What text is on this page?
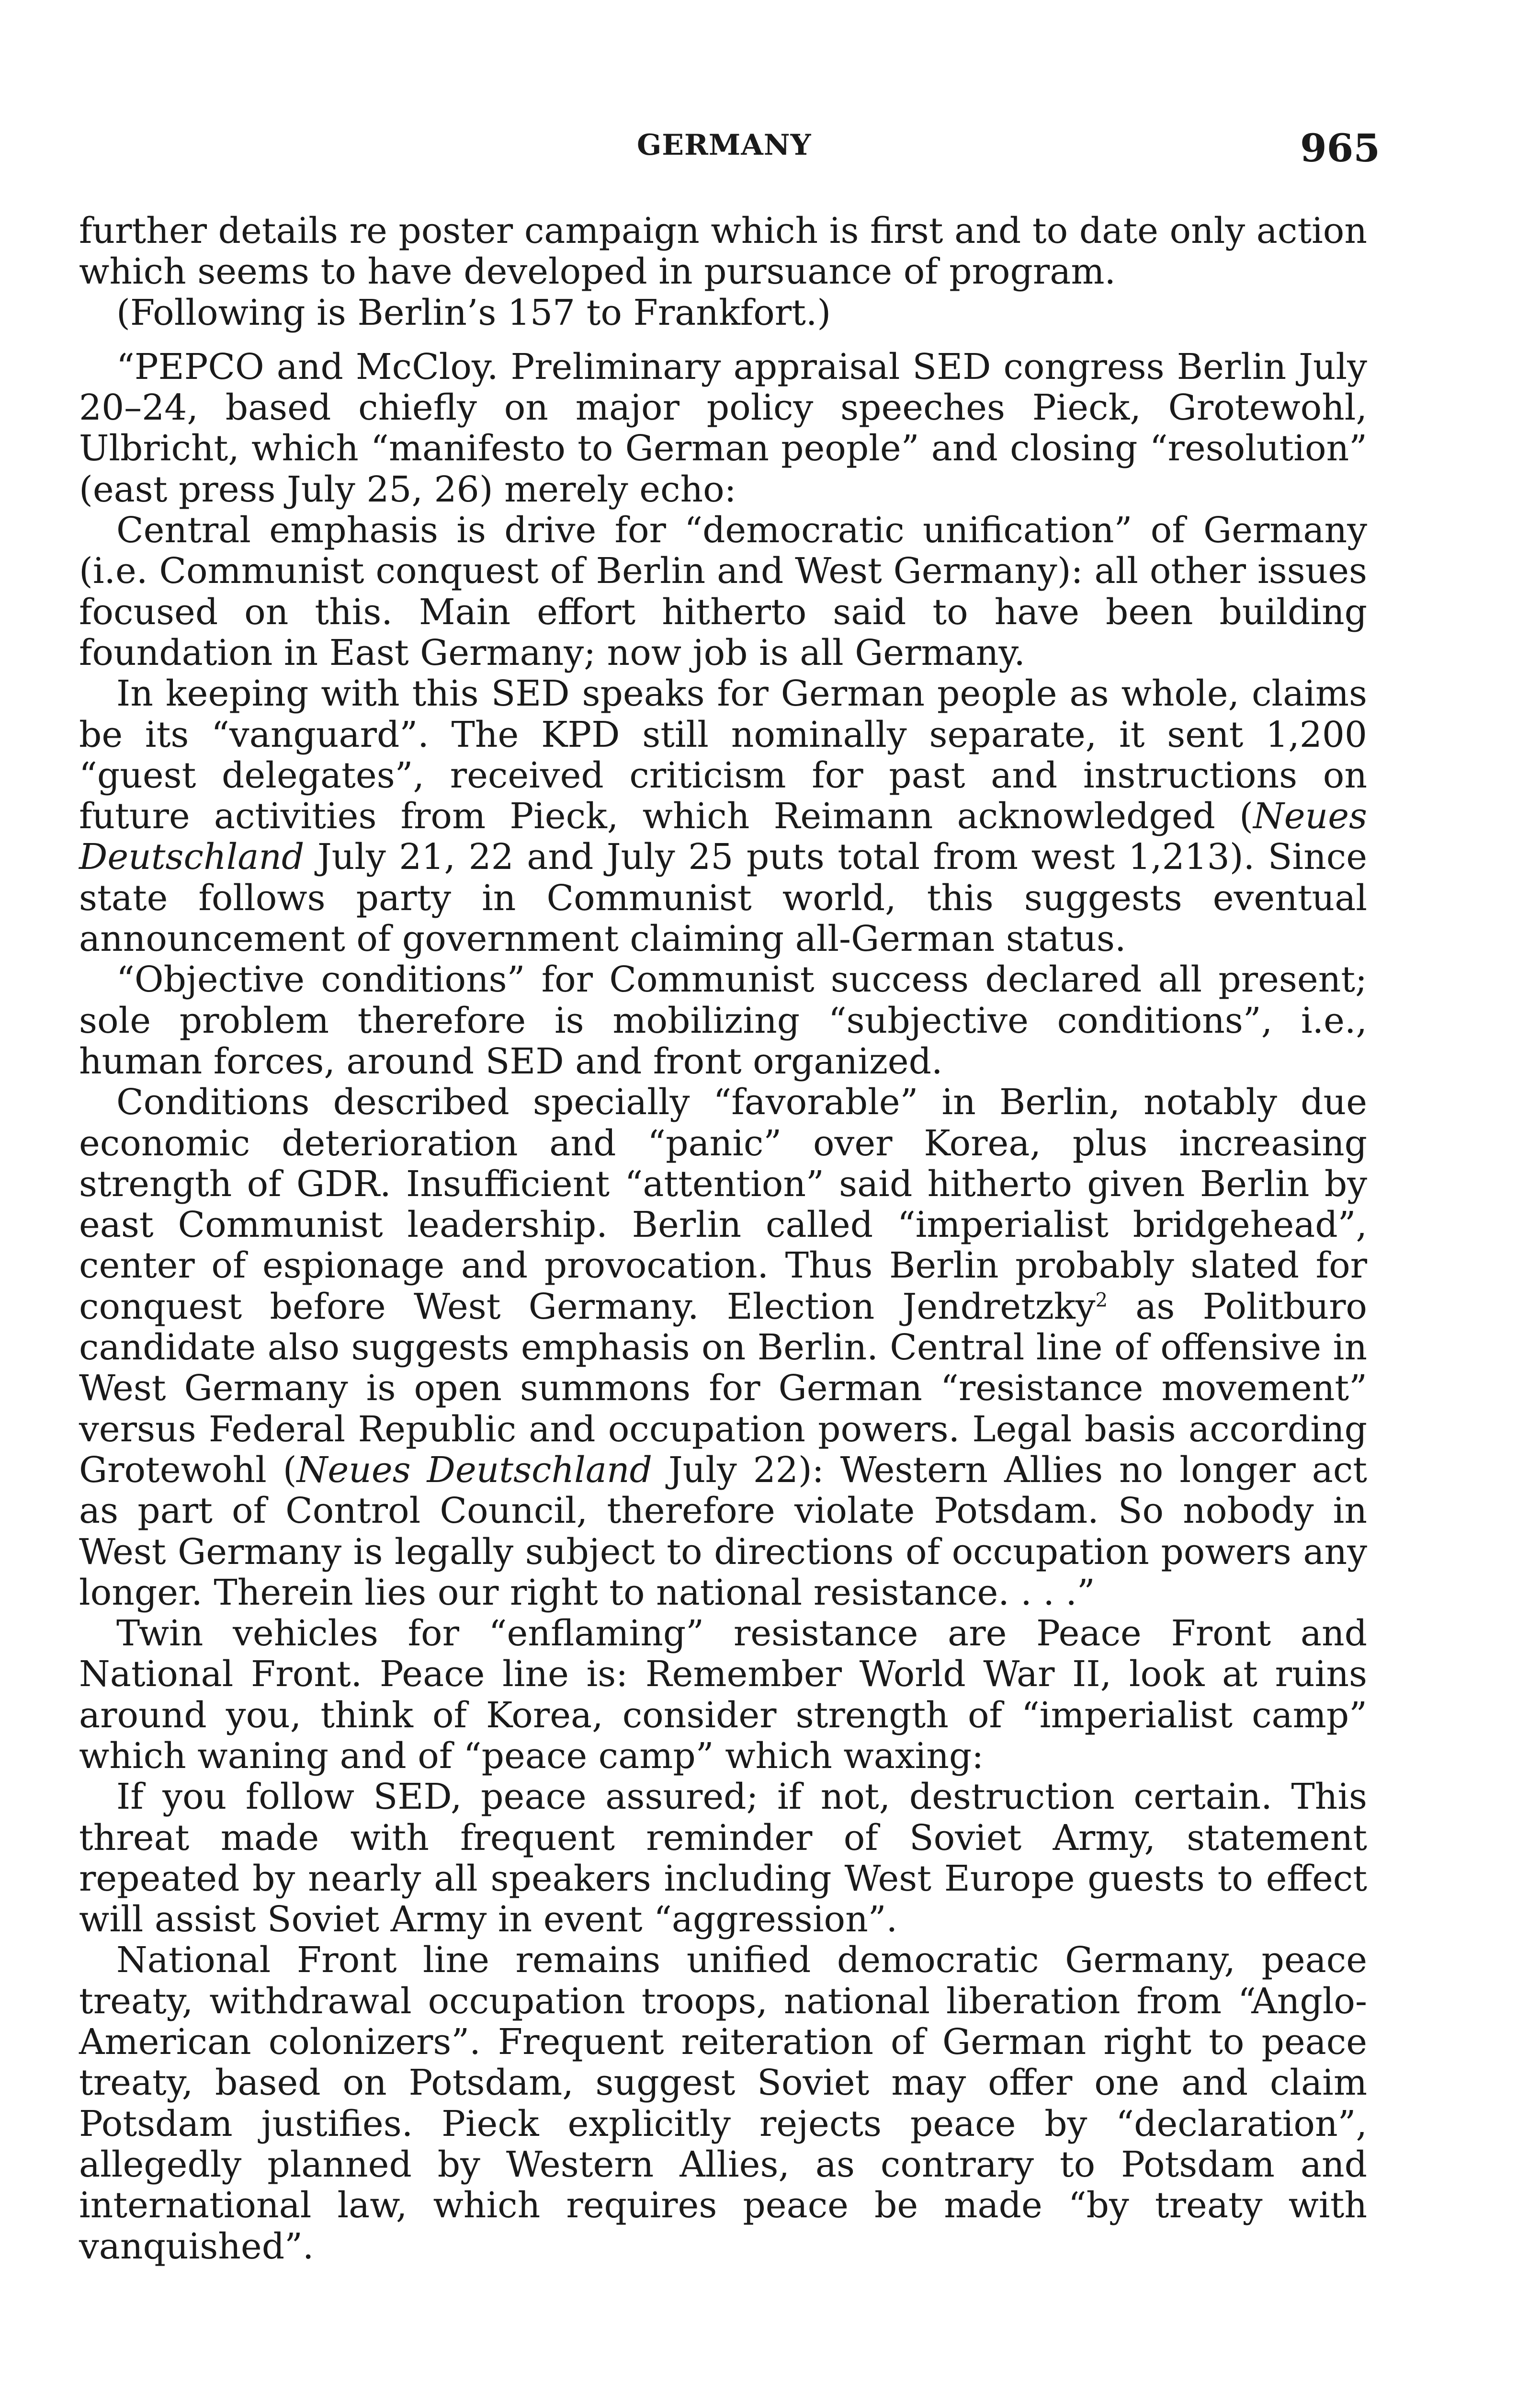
GERMANY	965

further details re poster campaign which is first and to date only action which seems to have developed in pursuance of program.

(Following is Berlin’s 157 to Frankfort.)

“PEPCO and McCloy. Preliminary appraisal SED congress Berlin July 20–24, based chiefly on major policy speeches Pieck, Grotewohl, Ulbricht, which “manifesto to German people” and closing “resolution” (east press July 25, 26) merely echo:

Central emphasis is drive for “democratic unification” of Germany (i.e. Communist conquest of Berlin and West Germany): all other issues focused on this. Main effort hitherto said to have been building foundation in East Germany; now job is all Germany.

In keeping with this SED speaks for German people as whole, claims be its “vanguard”. The KPD still nominally separate, it sent 1,200 “guest delegates”, received criticism for past and instructions on future activities from Pieck, which Reimann acknowledged (Neues Deutschland July 21, 22 and July 25 puts total from west 1,213). Since state follows party in Communist world, this suggests eventual announcement of government claiming all-German status.

“Objective conditions” for Communist success declared all present; sole problem therefore is mobilizing “subjective conditions”, i.e., human forces, around SED and front organized.

Conditions described specially “favorable” in Berlin, notably due economic deterioration and “panic” over Korea, plus increasing strength of GDR. Insufficient “attention” said hitherto given Berlin by east Communist leadership. Berlin called “imperialist bridgehead”, center of espionage and provocation. Thus Berlin probably slated for conquest before West Germany. Election Jendretzky$^2$ as Politburo candidate also suggests emphasis on Berlin. Central line of offensive in West Germany is open summons for German “resistance movement” versus Federal Republic and occupation powers. Legal basis according Grotewohl (Neues Deutschland July 22): Western Allies no longer act as part of Control Council, therefore violate Potsdam. So nobody in West Germany is legally subject to directions of occupation powers any longer. Therein lies our right to national resistance. . . .”

Twin vehicles for “enflaming” resistance are Peace Front and National Front. Peace line is: Remember World War II, look at ruins around you, think of Korea, consider strength of “imperialist camp” which waning and of “peace camp” which waxing:

If you follow SED, peace assured; if not, destruction certain. This threat made with frequent reminder of Soviet Army, statement repeated by nearly all speakers including West Europe guests to effect will assist Soviet Army in event “aggression”.

National Front line remains unified democratic Germany, peace treaty, withdrawal occupation troops, national liberation from “Anglo-American colonizers”. Frequent reiteration of German right to peace treaty, based on Potsdam, suggest Soviet may offer one and claim Potsdam justifies. Pieck explicitly rejects peace by “declaration”, allegedly planned by Western Allies, as contrary to Potsdam and international law, which requires peace be made “by treaty with vanquished”.
